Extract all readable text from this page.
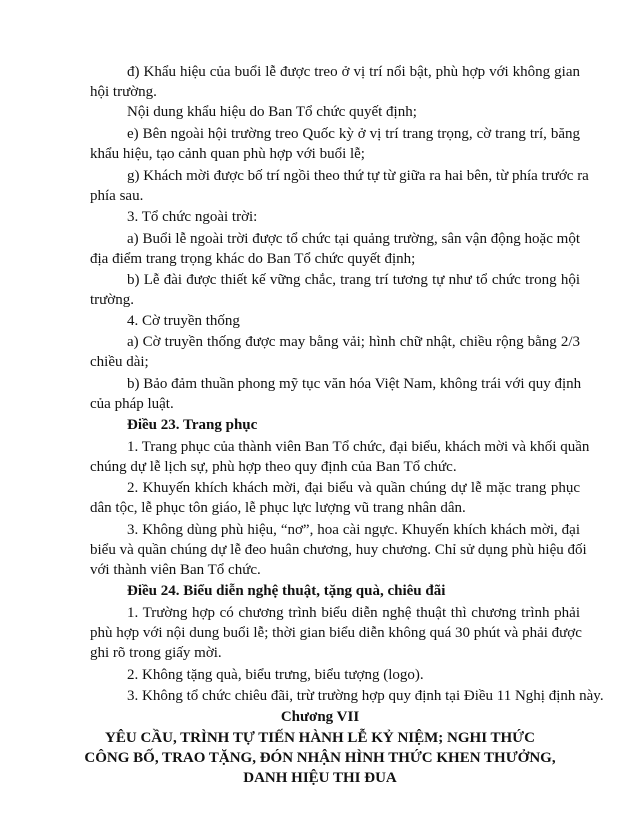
đ) Khẩu hiệu của buổi lễ được treo ở vị trí nổi bật, phù hợp với không gian
hội trường.
Nội dung khẩu hiệu do Ban Tổ chức quyết định;
e) Bên ngoài hội trường treo Quốc kỳ ở vị trí trang trọng, cờ trang trí, băng
khẩu hiệu, tạo cảnh quan phù hợp với buổi lễ;
g) Khách mời được bố trí ngồi theo thứ tự từ giữa ra hai bên, từ phía trước ra
phía sau.
3. Tổ chức ngoài trời:
a) Buổi lễ ngoài trời được tổ chức tại quảng trường, sân vận động hoặc một
địa điểm trang trọng khác do Ban Tổ chức quyết định;
b) Lễ đài được thiết kế vững chắc, trang trí tương tự như tổ chức trong hội
trường.
4. Cờ truyền thống
a) Cờ truyền thống được may bằng vải; hình chữ nhật, chiều rộng bằng 2/3
chiều dài;
b) Bảo đảm thuần phong mỹ tục văn hóa Việt Nam, không trái với quy định
của pháp luật.
Điều 23. Trang phục
1. Trang phục của thành viên Ban Tổ chức, đại biểu, khách mời và khối quần
chúng dự lễ lịch sự, phù hợp theo quy định của Ban Tổ chức.
2. Khuyến khích khách mời, đại biểu và quần chúng dự lễ mặc trang phục
dân tộc, lễ phục tôn giáo, lễ phục lực lượng vũ trang nhân dân.
3. Không dùng phù hiệu, “nơ”, hoa cài ngực. Khuyến khích khách mời, đại
biểu và quần chúng dự lễ đeo huân chương, huy chương. Chỉ sử dụng phù hiệu đối
với thành viên Ban Tổ chức.
Điều 24. Biểu diễn nghệ thuật, tặng quà, chiêu đãi
1. Trường hợp có chương trình biểu diễn nghệ thuật thì chương trình phải
phù hợp với nội dung buổi lễ; thời gian biểu diễn không quá 30 phút và phải được
ghi rõ trong giấy mời.
2. Không tặng quà, biểu trưng, biểu tượng (logo).
3. Không tổ chức chiêu đãi, trừ trường hợp quy định tại Điều 11 Nghị định này.
Chương VII
YÊU CẦU, TRÌNH TỰ TIẾN HÀNH LỄ KỶ NIỆM; NGHI THỨC
CÔNG BỐ, TRAO TẶNG, ĐÓN NHẬN HÌNH THỨC KHEN THƯỞNG,
DANH HIỆU THI ĐUA
